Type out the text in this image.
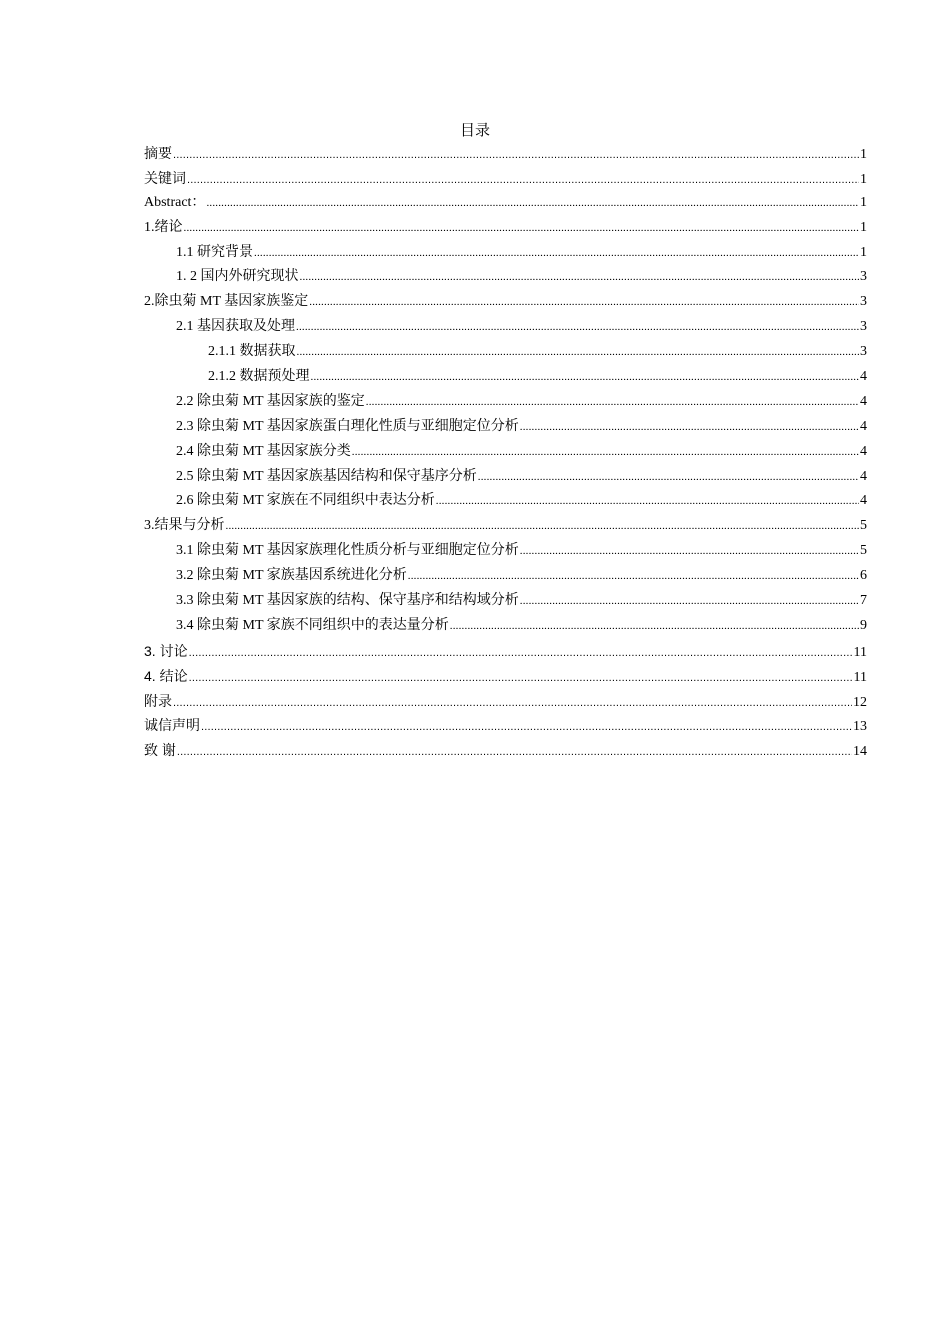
目录
摘要 .....	1
关键词 .....	1
Abstract： .....	1
1.绪论 .....	1
1.1 研究背景 .....	1
1. 2 国内外研究现状 .....	3
2.除虫菊 MT 基因家族鉴定 .....	3
2.1 基因获取及处理 .....	3
2.1.1 数据获取 .....	3
2.1.2 数据预处理 .....	4
2.2 除虫菊 MT 基因家族的鉴定 .....	4
2.3 除虫菊 MT 基因家族蛋白理化性质与亚细胞定位分析 .....	4
2.4 除虫菊 MT 基因家族分类 .....	4
2.5 除虫菊 MT 基因家族基因结构和保守基序分析 .....	4
2.6 除虫菊 MT 家族在不同组织中表达分析 .....	4
3.结果与分析 .....	5
3.1 除虫菊 MT 基因家族理化性质分析与亚细胞定位分析 .....	5
3.2 除虫菊 MT 家族基因系统进化分析 .....	6
3.3 除虫菊 MT 基因家族的结构、保守基序和结构域分析 .....	7
3.4 除虫菊 MT 家族不同组织中的表达量分析 .....	9
3. 讨论 .....	11
4. 结论 .....	11
附录 .....	12
诚信声明 .....	13
致 谢 .....	14
